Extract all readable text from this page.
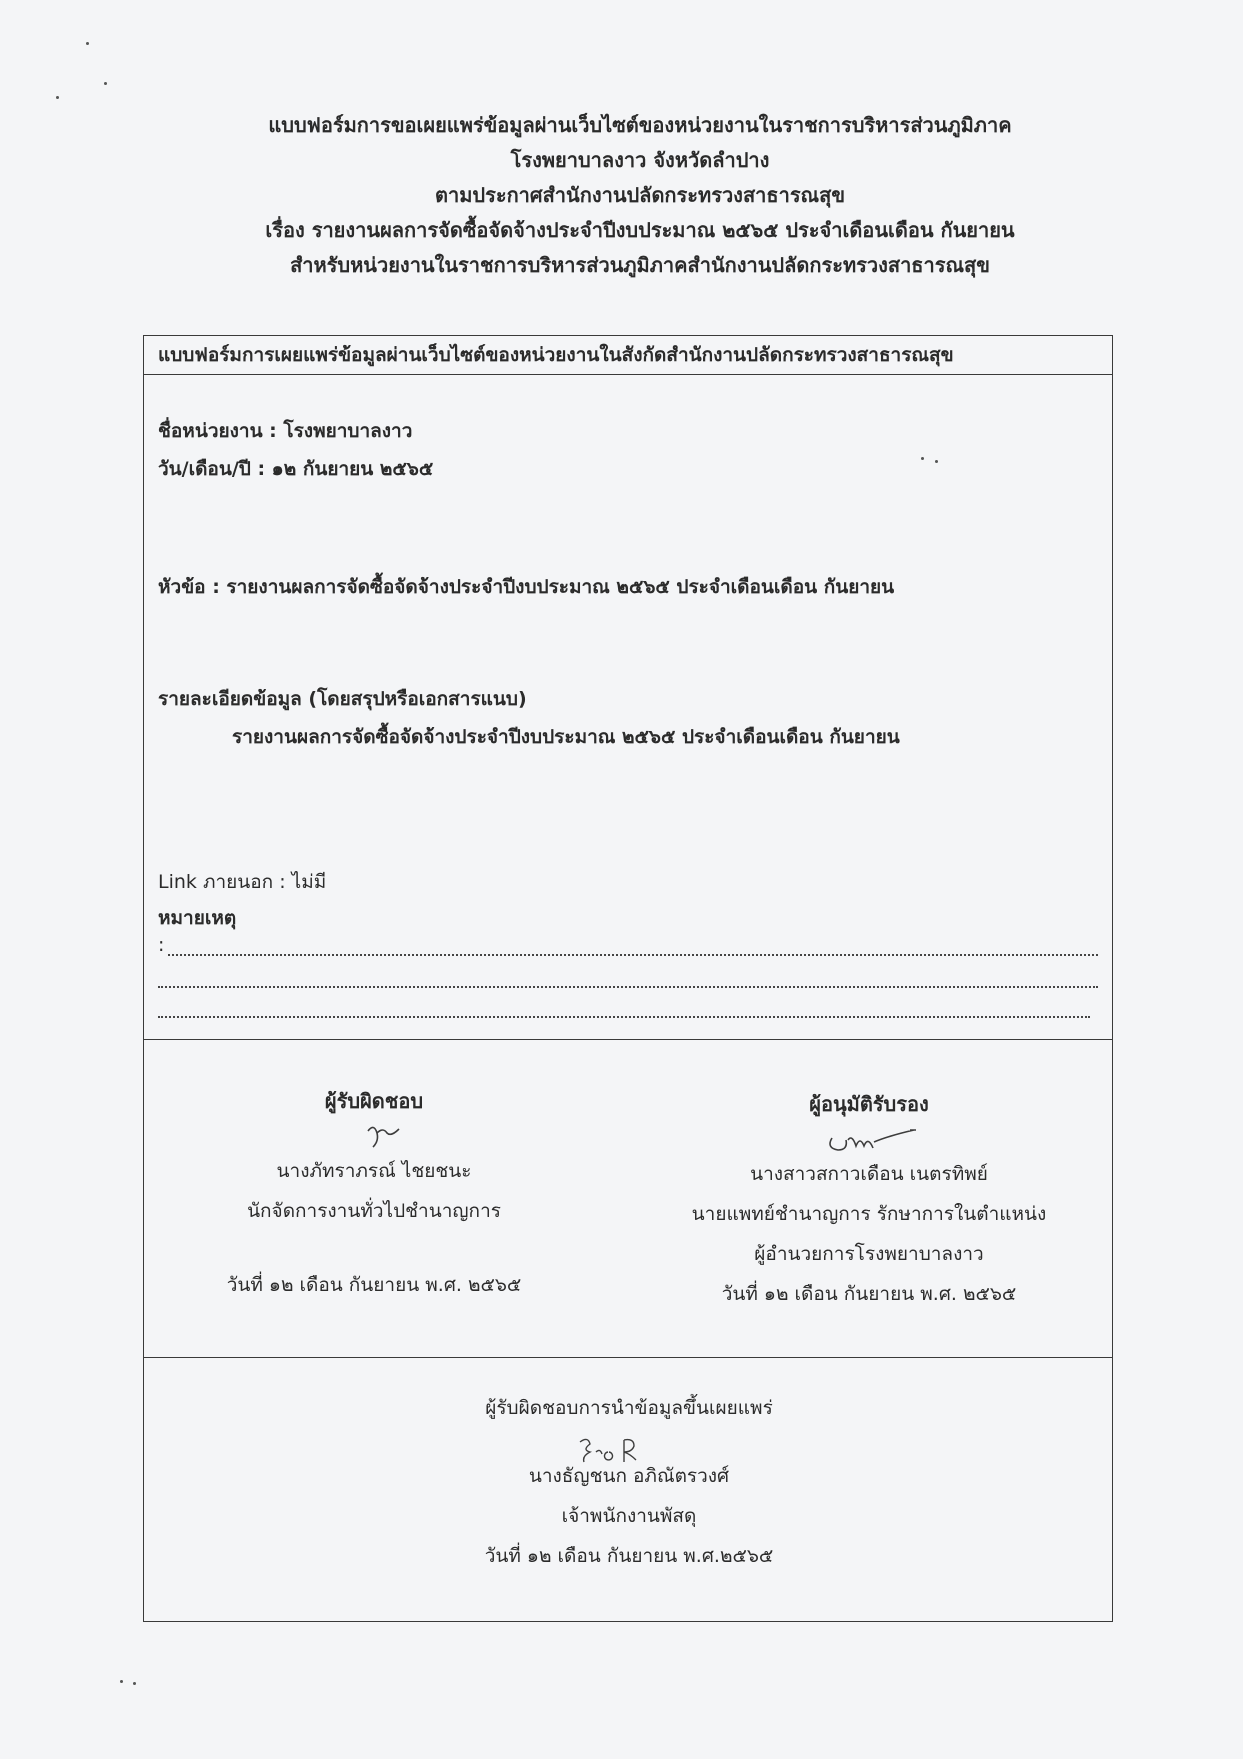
แบบฟอร์มการขอเผยแพร่ข้อมูลผ่านเว็บไซต์ของหน่วยงานในราชการบริหารส่วนภูมิภาค
โรงพยาบาลงาว จังหวัดลำปาง
ตามประกาศสำนักงานปลัดกระทรวงสาธารณสุข
เรื่อง รายงานผลการจัดซื้อจัดจ้างประจำปีงบประมาณ ๒๕๖๕ ประจำเดือนเดือน กันยายน
สำหรับหน่วยงานในราชการบริหารส่วนภูมิภาคสำนักงานปลัดกระทรวงสาธารณสุข
แบบฟอร์มการเผยแพร่ข้อมูลผ่านเว็บไซต์ของหน่วยงานในสังกัดสำนักงานปลัดกระทรวงสาธารณสุข
ชื่อหน่วยงาน : โรงพยาบาลงาว
วัน/เดือน/ปี : ๑๒ กันยายน ๒๕๖๕
หัวข้อ : รายงานผลการจัดซื้อจัดจ้างประจำปีงบประมาณ ๒๕๖๕ ประจำเดือนเดือน กันยายน
รายละเอียดข้อมูล (โดยสรุปหรือเอกสารแนบ)
รายงานผลการจัดซื้อจัดจ้างประจำปีงบประมาณ ๒๕๖๕ ประจำเดือนเดือน กันยายน
Link ภายนอก : ไม่มี
หมายเหตุ
:
ผู้รับผิดชอบ
นางภัทราภรณ์ ไชยชนะ
นักจัดการงานทั่วไปชำนาญการ
วันที่ ๑๒ เดือน กันยายน พ.ศ. ๒๕๖๕
ผู้อนุมัติรับรอง
นางสาวสกาวเดือน เนตรทิพย์
นายแพทย์ชำนาญการ รักษาการในตำแหน่ง
ผู้อำนวยการโรงพยาบาลงาว
วันที่ ๑๒ เดือน กันยายน พ.ศ. ๒๕๖๕
ผู้รับผิดชอบการนำข้อมูลขึ้นเผยแพร่
นางธัญชนก อภิณัตรวงศ์
เจ้าพนักงานพัสดุ
วันที่ ๑๒ เดือน กันยายน พ.ศ.๒๕๖๕
